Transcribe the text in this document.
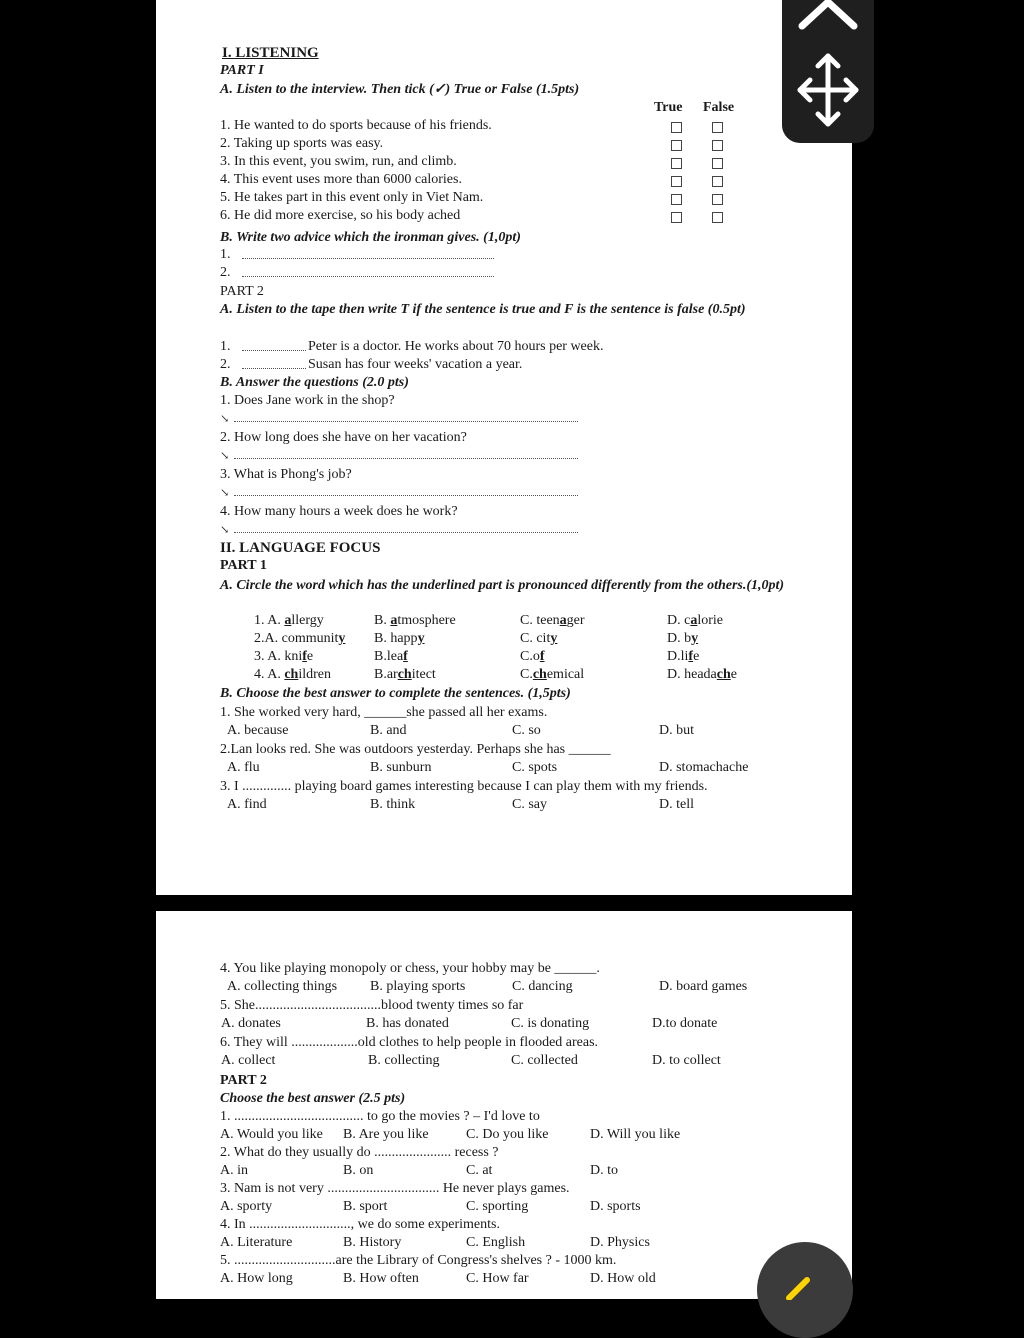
I. LISTENING
PART I
A. Listen to the interview. Then tick (✓) True or False (1.5pts)
True False
1. He wanted to do sports because of his friends.
2. Taking up sports was easy.
3. In this event, you swim, run, and climb.
4. This event uses more than 6000 calories.
5. He takes part in this event only in Viet Nam.
6. He did more exercise, so his body ached
B. Write two advice which the ironman gives. (1,0pt)
1.
2.
PART 2
A. Listen to the tape then write T if the sentence is true and F is the sentence is false (0.5pt)
1.	Peter is a doctor. He works about 70 hours per week.
2.	Susan has four weeks' vacation a year.
B. Answer the questions (2.0 pts)
1. Does Jane work in the shop?
↘
2. How long does she have on her vacation?
↘
3. What is Phong's job?
↘
4. How many hours a week does he work?
↘
II. LANGUAGE FOCUS
PART 1
A. Circle the word which has the underlined part is pronounced differently from the others.(1,0pt)
1. A. allergy	B. atmosphere	C. teenager	D. calorie
2.A. community B. happy	C. city	D. by
3. A. knife	B.leaf	C.of	D.life
4. A. children	B.architect	C.chemical	D. headache
B. Choose the best answer to complete the sentences. (1,5pts)
1. She worked very hard, ______she passed all her exams.
A. because	B. and	C. so	D. but
2.Lan looks red. She was outdoors yesterday. Perhaps she has ______
A. flu	B. sunburn	C. spots	D. stomachache
3. I .............. playing board games interesting because I can play them with my friends.
A. find	B. think	C. say	D. tell
4. You like playing monopoly or chess, your hobby may be ______.
A. collecting things B. playing sports	C. dancing	D. board games
5. She....................................blood twenty times so far
A. donates	B. has donated	C. is donating	D.to donate
6. They will ...................old clothes to help people in flooded areas.
A. collect	B. collecting	C. collected	D. to collect
PART 2
Choose the best answer (2.5 pts)
1. ..................................... to go the movies ? – I'd love to
A. Would you like B. Are you like	C. Do you like	D. Will you like
2. What do they usually do ...................... recess ?
A. in	B. on	C. at	D. to
3. Nam is not very ................................ He never plays games.
A. sporty	B. sport	C. sporting	D. sports
4. In ............................., we do some experiments.
A. Literature	B. History	C. English	D. Physics
5. .............................are the Library of Congress's shelves ? - 1000 km.
A. How long	B. How often	C. How far	D. How old
